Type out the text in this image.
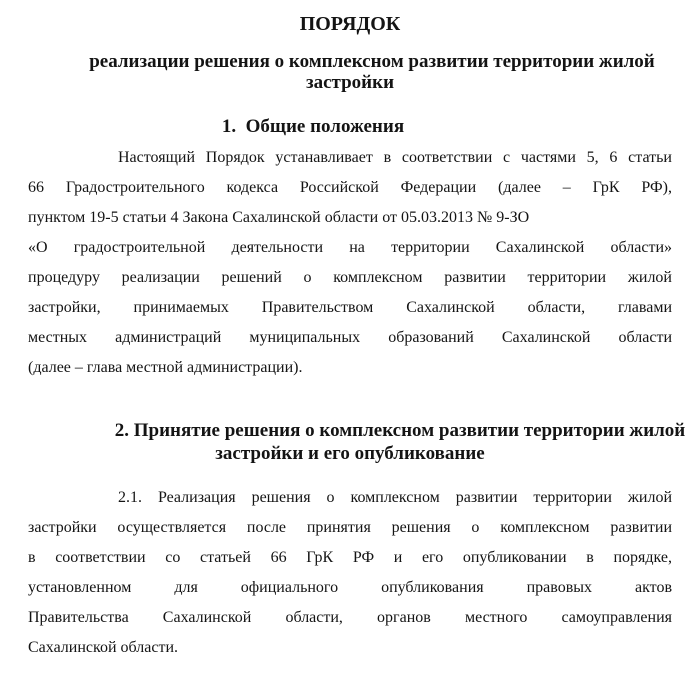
ПОРЯДОК
реализации решения о комплексном развитии территории жилой
застройки
1.  Общие положения
Настоящий Порядок устанавливает в соответствии с частями 5, 6 статьи
66 Градостроительного кодекса Российской Федерации (далее – ГрК РФ),
пунктом 19-5 статьи 4 Закона Сахалинской области от 05.03.2013 № 9-ЗО
«О градостроительной деятельности на территории Сахалинской области»
процедуру реализации решений о комплексном развитии территории жилой
застройки, принимаемых Правительством Сахалинской области, главами
местных администраций муниципальных образований Сахалинской области
(далее – глава местной администрации).
2. Принятие решения о комплексном развитии территории жилой
застройки и его опубликование
2.1. Реализация решения о комплексном развитии территории жилой
застройки осуществляется после принятия решения о комплексном развитии
в соответствии со статьей 66 ГрК РФ и его опубликовании в порядке,
установленном для официального опубликования правовых актов
Правительства Сахалинской области, органов местного самоуправления
Сахалинской области.
